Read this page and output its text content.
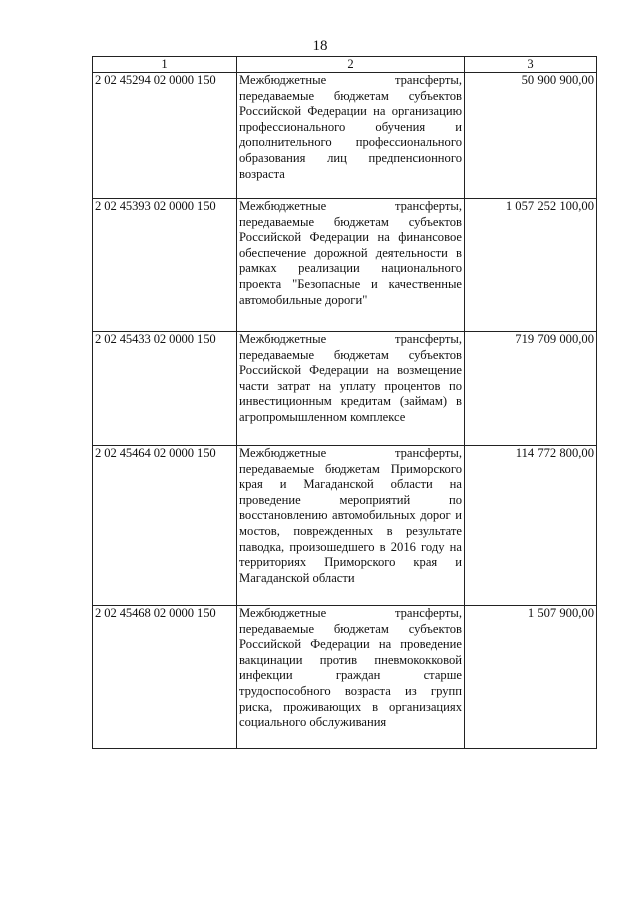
18
1	2	3
2 02 45294 02 0000 150	Межбюджетные трансферты, передаваемые бюджетам субъектов Российской Федерации на организацию профессионального обучения и дополнительного профессионального образования лиц предпенсионного возраста	50 900 900,00
2 02 45393 02 0000 150	Межбюджетные трансферты, передаваемые бюджетам субъектов Российской Федерации на финансовое обеспечение дорожной деятельности в рамках реализации национального проекта "Безопасные и качественные автомобильные дороги"	1 057 252 100,00
2 02 45433 02 0000 150	Межбюджетные трансферты, передаваемые бюджетам субъектов Российской Федерации на возмещение части затрат на уплату процентов по инвестиционным кредитам (займам) в агропромышленном комплексе	719 709 000,00
2 02 45464 02 0000 150	Межбюджетные трансферты, передаваемые бюджетам Приморского края и Магаданской области на проведение мероприятий по восстановлению автомобильных дорог и мостов, поврежденных в результате паводка, произошедшего в 2016 году на территориях Приморского края и Магаданской области	114 772 800,00
2 02 45468 02 0000 150	Межбюджетные трансферты, передаваемые бюджетам субъектов Российской Федерации на проведение вакцинации против пневмококковой инфекции граждан старше трудоспособного возраста из групп риска, проживающих в организациях социального обслуживания	1 507 900,00
